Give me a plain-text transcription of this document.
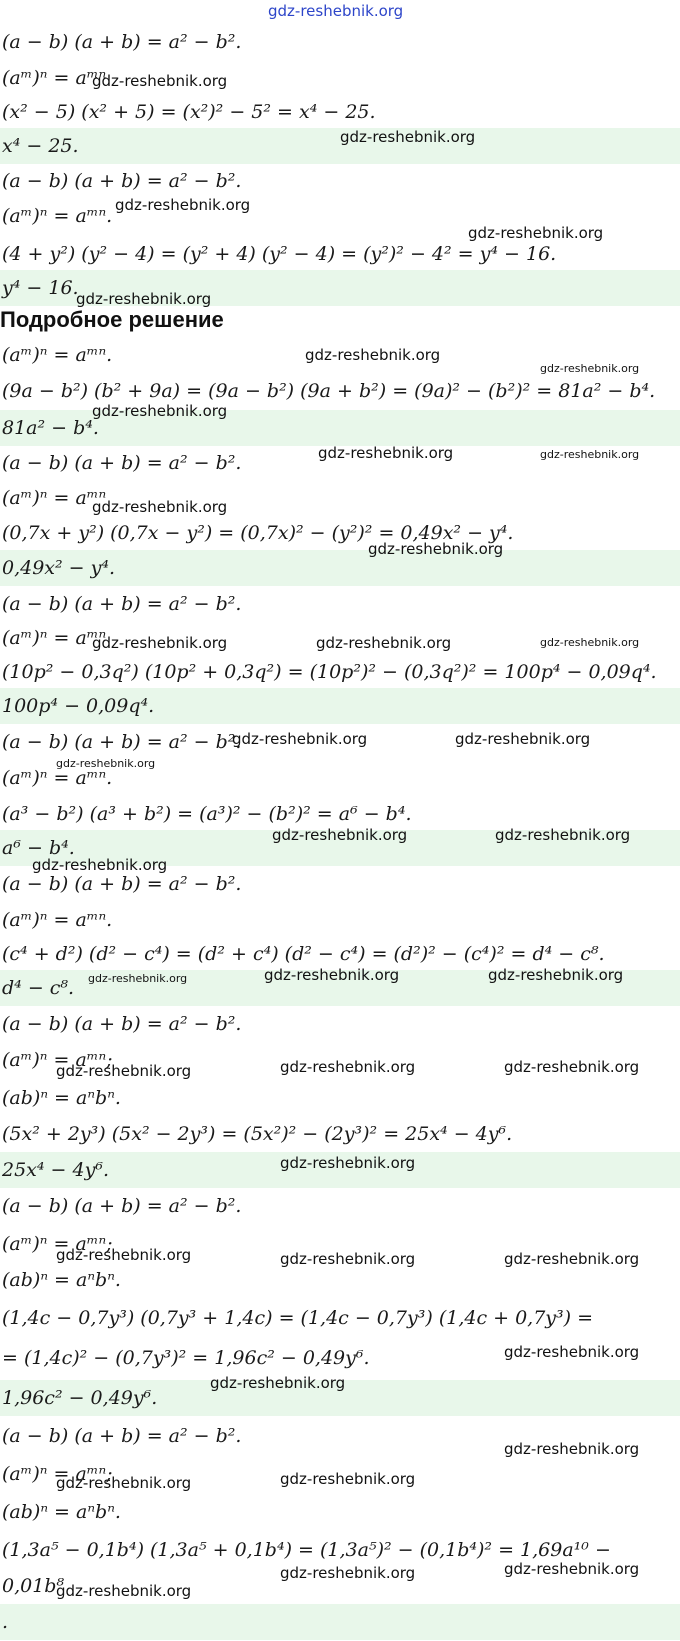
gdz-reshebnik.org
(a − b) (a + b) = a² − b².
(aᵐ)ⁿ = aᵐⁿ
(x² − 5) (x² + 5) = (x²)² − 5² = x⁴ − 25.
x⁴ − 25.
(a − b) (a + b) = a² − b².
(aᵐ)ⁿ = aᵐⁿ.
(4 + y²) (y² − 4) = (y² + 4) (y² − 4) = (y²)² − 4² = y⁴ − 16.
y⁴ − 16.
Подробное решение
(aᵐ)ⁿ = aᵐⁿ.
(9a − b²) (b² + 9a) = (9a − b²) (9a + b²) = (9a)² − (b²)² = 81a² − b⁴.
81a² − b⁴.
(a − b) (a + b) = a² − b².
(aᵐ)ⁿ = aᵐⁿ
(0,7x + y²) (0,7x − y²) = (0,7x)² − (y²)² = 0,49x² − y⁴.
0,49x² − y⁴.
(a − b) (a + b) = a² − b².
(aᵐ)ⁿ = aᵐⁿ
(10p² − 0,3q²) (10p² + 0,3q²) = (10p²)² − (0,3q²)² = 100p⁴ − 0,09q⁴.
100p⁴ − 0,09q⁴.
(a − b) (a + b) = a² − b².
(aᵐ)ⁿ = aᵐⁿ.
(a³ − b²) (a³ + b²) = (a³)² − (b²)² = a⁶ − b⁴.
a⁶ − b⁴.
(a − b) (a + b) = a² − b².
(aᵐ)ⁿ = aᵐⁿ.
(c⁴ + d²) (d² − c⁴) = (d² + c⁴) (d² − c⁴) = (d²)² − (c⁴)² = d⁴ − c⁸.
d⁴ − c⁸.
(a − b) (a + b) = a² − b².
(aᵐ)ⁿ = aᵐⁿ;
(ab)ⁿ = aⁿbⁿ.
(5x² + 2y³) (5x² − 2y³) = (5x²)² − (2y³)² = 25x⁴ − 4y⁶.
25x⁴ − 4y⁶.
(a − b) (a + b) = a² − b².
(aᵐ)ⁿ = aᵐⁿ;
(ab)ⁿ = aⁿbⁿ.
(1,4c − 0,7y³) (0,7y³ + 1,4c) = (1,4c − 0,7y³) (1,4c + 0,7y³) =
= (1,4c)² − (0,7y³)² = 1,96c² − 0,49y⁶.
1,96c² − 0,49y⁶.
(a − b) (a + b) = a² − b².
(aᵐ)ⁿ = aᵐⁿ;
(ab)ⁿ = aⁿbⁿ.
(1,3a⁵ − 0,1b⁴) (1,3a⁵ + 0,1b⁴) = (1,3a⁵)² − (0,1b⁴)² = 1,69a¹⁰ −
0,01b⁸
.
gdz-reshebnik.org
gdz-reshebnik.org
gdz-reshebnik.org
gdz-reshebnik.org
gdz-reshebnik.org
gdz-reshebnik.org
gdz-reshebnik.org
gdz-reshebnik.org
gdz-reshebnik.org	gdz-reshebnik.org
gdz-reshebnik.org
gdz-reshebnik.org
gdz-reshebnik.org	gdz-reshebnik.org	gdz-reshebnik.org
gdz-reshebnik.org	gdz-reshebnik.org
gdz-reshebnik.org
gdz-reshebnik.org	gdz-reshebnik.org
gdz-reshebnik.org
gdz-reshebnik.org	gdz-reshebnik.org	gdz-reshebnik.org
gdz-reshebnik.org	gdz-reshebnik.org	gdz-reshebnik.org
gdz-reshebnik.org
gdz-reshebnik.org	gdz-reshebnik.org	gdz-reshebnik.org
gdz-reshebnik.org
gdz-reshebnik.org
gdz-reshebnik.org
gdz-reshebnik.org	gdz-reshebnik.org
gdz-reshebnik.org	gdz-reshebnik.org
gdz-reshebnik.org
